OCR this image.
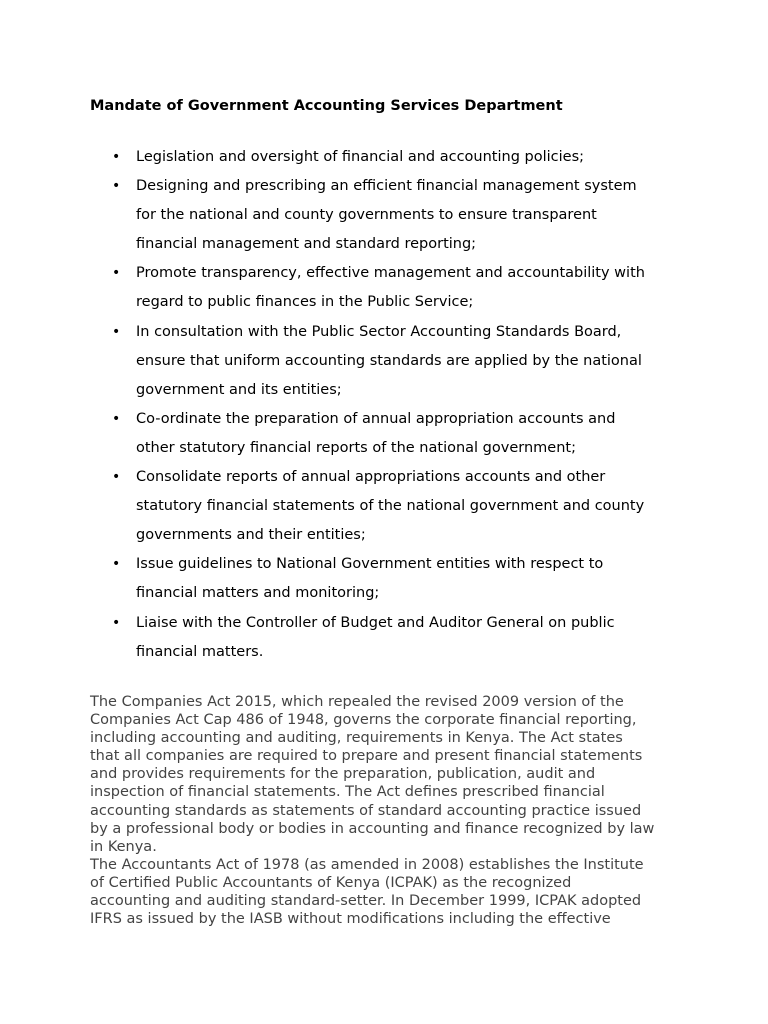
Mandate of Government Accounting Services Department
• Legislation and oversight of financial and accounting policies;
• Designing and prescribing an efficient financial management system
for the national and county governments to ensure transparent
financial management and standard reporting;
• Promote transparency, effective management and accountability with
regard to public finances in the Public Service;
• In consultation with the Public Sector Accounting Standards Board,
ensure that uniform accounting standards are applied by the national
government and its entities;
• Co-ordinate the preparation of annual appropriation accounts and
other statutory financial reports of the national government;
• Consolidate reports of annual appropriations accounts and other
statutory financial statements of the national government and county
governments and their entities;
• Issue guidelines to National Government entities with respect to
financial matters and monitoring;
• Liaise with the Controller of Budget and Auditor General on public
financial matters.
The Companies Act 2015, which repealed the revised 2009 version of the
Companies Act Cap 486 of 1948, governs the corporate financial reporting,
including accounting and auditing, requirements in Kenya. The Act states
that all companies are required to prepare and present financial statements
and provides requirements for the preparation, publication, audit and
inspection of financial statements. The Act defines prescribed financial
accounting standards as statements of standard accounting practice issued
by a professional body or bodies in accounting and finance recognized by law
in Kenya.
The Accountants Act of 1978 (as amended in 2008) establishes the Institute
of Certified Public Accountants of Kenya (ICPAK) as the recognized
accounting and auditing standard-setter. In December 1999, ICPAK adopted
IFRS as issued by the IASB without modifications including the effective
